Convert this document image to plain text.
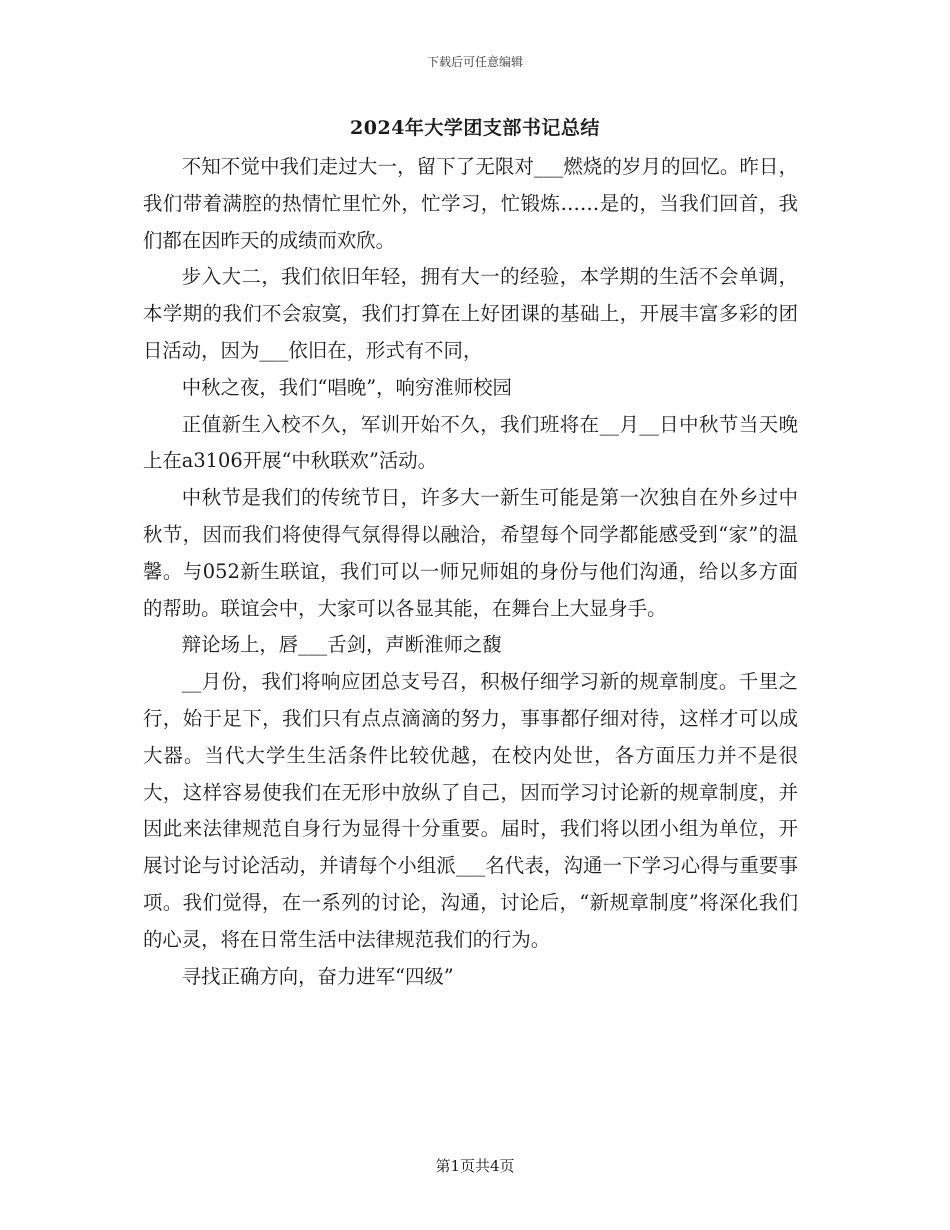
下载后可任意编辑
2024年大学团支部书记总结

不知不觉中我们走过大一，留下了无限对___燃烧的岁月的回忆。昨日，我们带着满腔的热情忙里忙外，忙学习，忙锻炼……是的，当我们回首，我们都在因昨天的成绩而欢欣。

步入大二，我们依旧年轻，拥有大一的经验，本学期的生活不会单调，本学期的我们不会寂寞，我们打算在上好团课的基础上，开展丰富多彩的团日活动，因为___依旧在，形式有不同，

中秋之夜，我们“唱晚”，响穷淮师校园

正值新生入校不久，军训开始不久，我们班将在__月__日中秋节当天晚上在a3106开展“中秋联欢”活动。

中秋节是我们的传统节日，许多大一新生可能是第一次独自在外乡过中秋节，因而我们将使得气氛得得以融洽，希望每个同学都能感受到“家”的温馨。与052新生联谊，我们可以一师兄师姐的身份与他们沟通，给以多方面的帮助。联谊会中，大家可以各显其能，在舞台上大显身手。

辩论场上，唇___舌剑，声断淮师之馥

__月份，我们将响应团总支号召，积极仔细学习新的规章制度。千里之行，始于足下，我们只有点点滴滴的努力，事事都仔细对待，这样才可以成大器。当代大学生生活条件比较优越，在校内处世，各方面压力并不是很大，这样容易使我们在无形中放纵了自己，因而学习讨论新的规章制度，并因此来法律规范自身行为显得十分重要。届时，我们将以团小组为单位，开展讨论与讨论活动，并请每个小组派___名代表，沟通一下学习心得与重要事项。我们觉得，在一系列的讨论，沟通，讨论后，“新规章制度”将深化我们的心灵，将在日常生活中法律规范我们的行为。

寻找正确方向，奋力进军“四级”

第1页共4页
